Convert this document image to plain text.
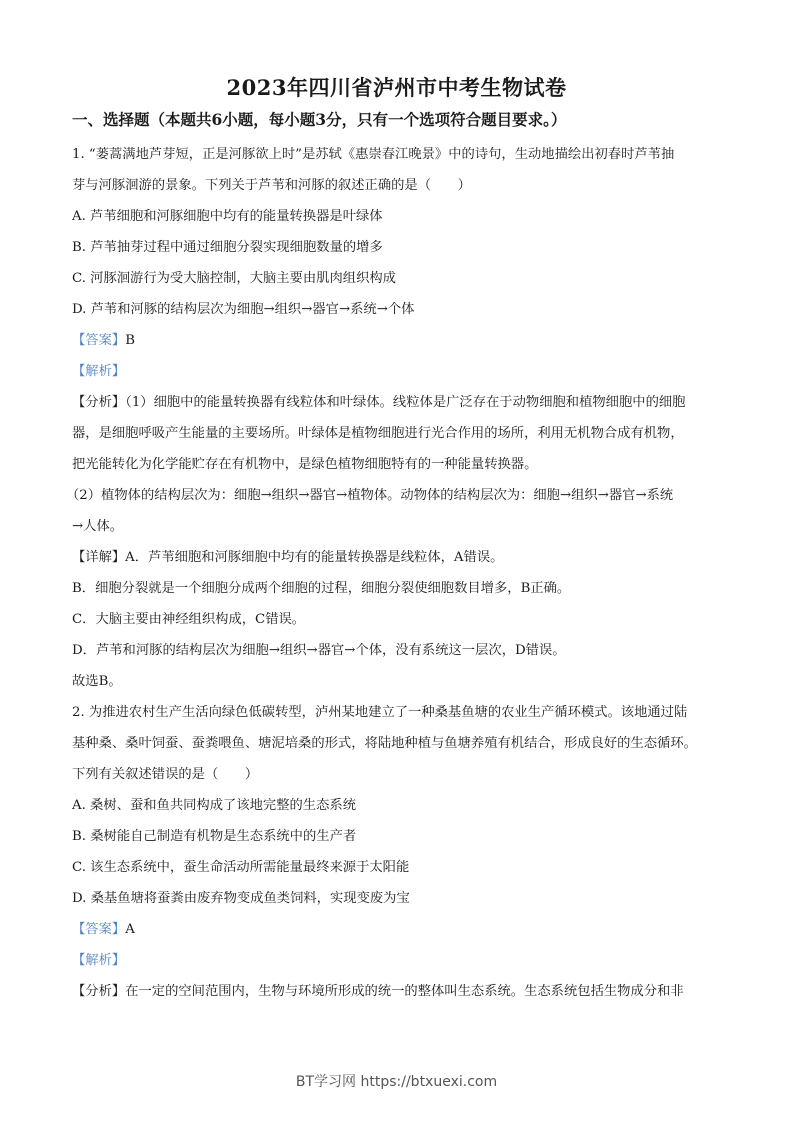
2023年四川省泸州市中考生物试卷
一、选择题（本题共6小题，每小题3分，只有一个选项符合题目要求。）
1. “蒌蒿满地芦芽短，正是河豚欲上时”是苏轼《惠崇春江晚景》中的诗句，生动地描绘出初春时芦苇抽
芽与河豚洄游的景象。下列关于芦苇和河豚的叙述正确的是（　　）
A. 芦苇细胞和河豚细胞中均有的能量转换器是叶绿体
B. 芦苇抽芽过程中通过细胞分裂实现细胞数量的增多
C. 河豚洄游行为受大脑控制，大脑主要由肌肉组织构成
D. 芦苇和河豚的结构层次为细胞→组织→器官→系统→个体
【答案】B
【解析】
【分析】（1）细胞中的能量转换器有线粒体和叶绿体。线粒体是广泛存在于动物细胞和植物细胞中的细胞
器，是细胞呼吸产生能量的主要场所。叶绿体是植物细胞进行光合作用的场所，利用无机物合成有机物，
把光能转化为化学能贮存在有机物中，是绿色植物细胞特有的一种能量转换器。
（2）植物体的结构层次为：细胞→组织→器官→植物体。动物体的结构层次为：细胞→组织→器官→系统
→人体。
【详解】A．芦苇细胞和河豚细胞中均有的能量转换器是线粒体，A错误。
B．细胞分裂就是一个细胞分成两个细胞的过程，细胞分裂使细胞数目增多，B正确。
C．大脑主要由神经组织构成，C错误。
D．芦苇和河豚的结构层次为细胞→组织→器官→个体，没有系统这一层次，D错误。
故选B。
2. 为推进农村生产生活向绿色低碳转型，泸州某地建立了一种桑基鱼塘的农业生产循环模式。该地通过陆
基种桑、桑叶饲蚕、蚕粪喂鱼、塘泥培桑的形式，将陆地种植与鱼塘养殖有机结合，形成良好的生态循环。
下列有关叙述错误的是（　　）
A. 桑树、蚕和鱼共同构成了该地完整的生态系统
B. 桑树能自己制造有机物是生态系统中的生产者
C. 该生态系统中，蚕生命活动所需能量最终来源于太阳能
D. 桑基鱼塘将蚕粪由废弃物变成鱼类饲料，实现变废为宝
【答案】A
【解析】
【分析】在一定的空间范围内，生物与环境所形成的统一的整体叫生态系统。生态系统包括生物成分和非
BT学习网 https://btxuexi.com
